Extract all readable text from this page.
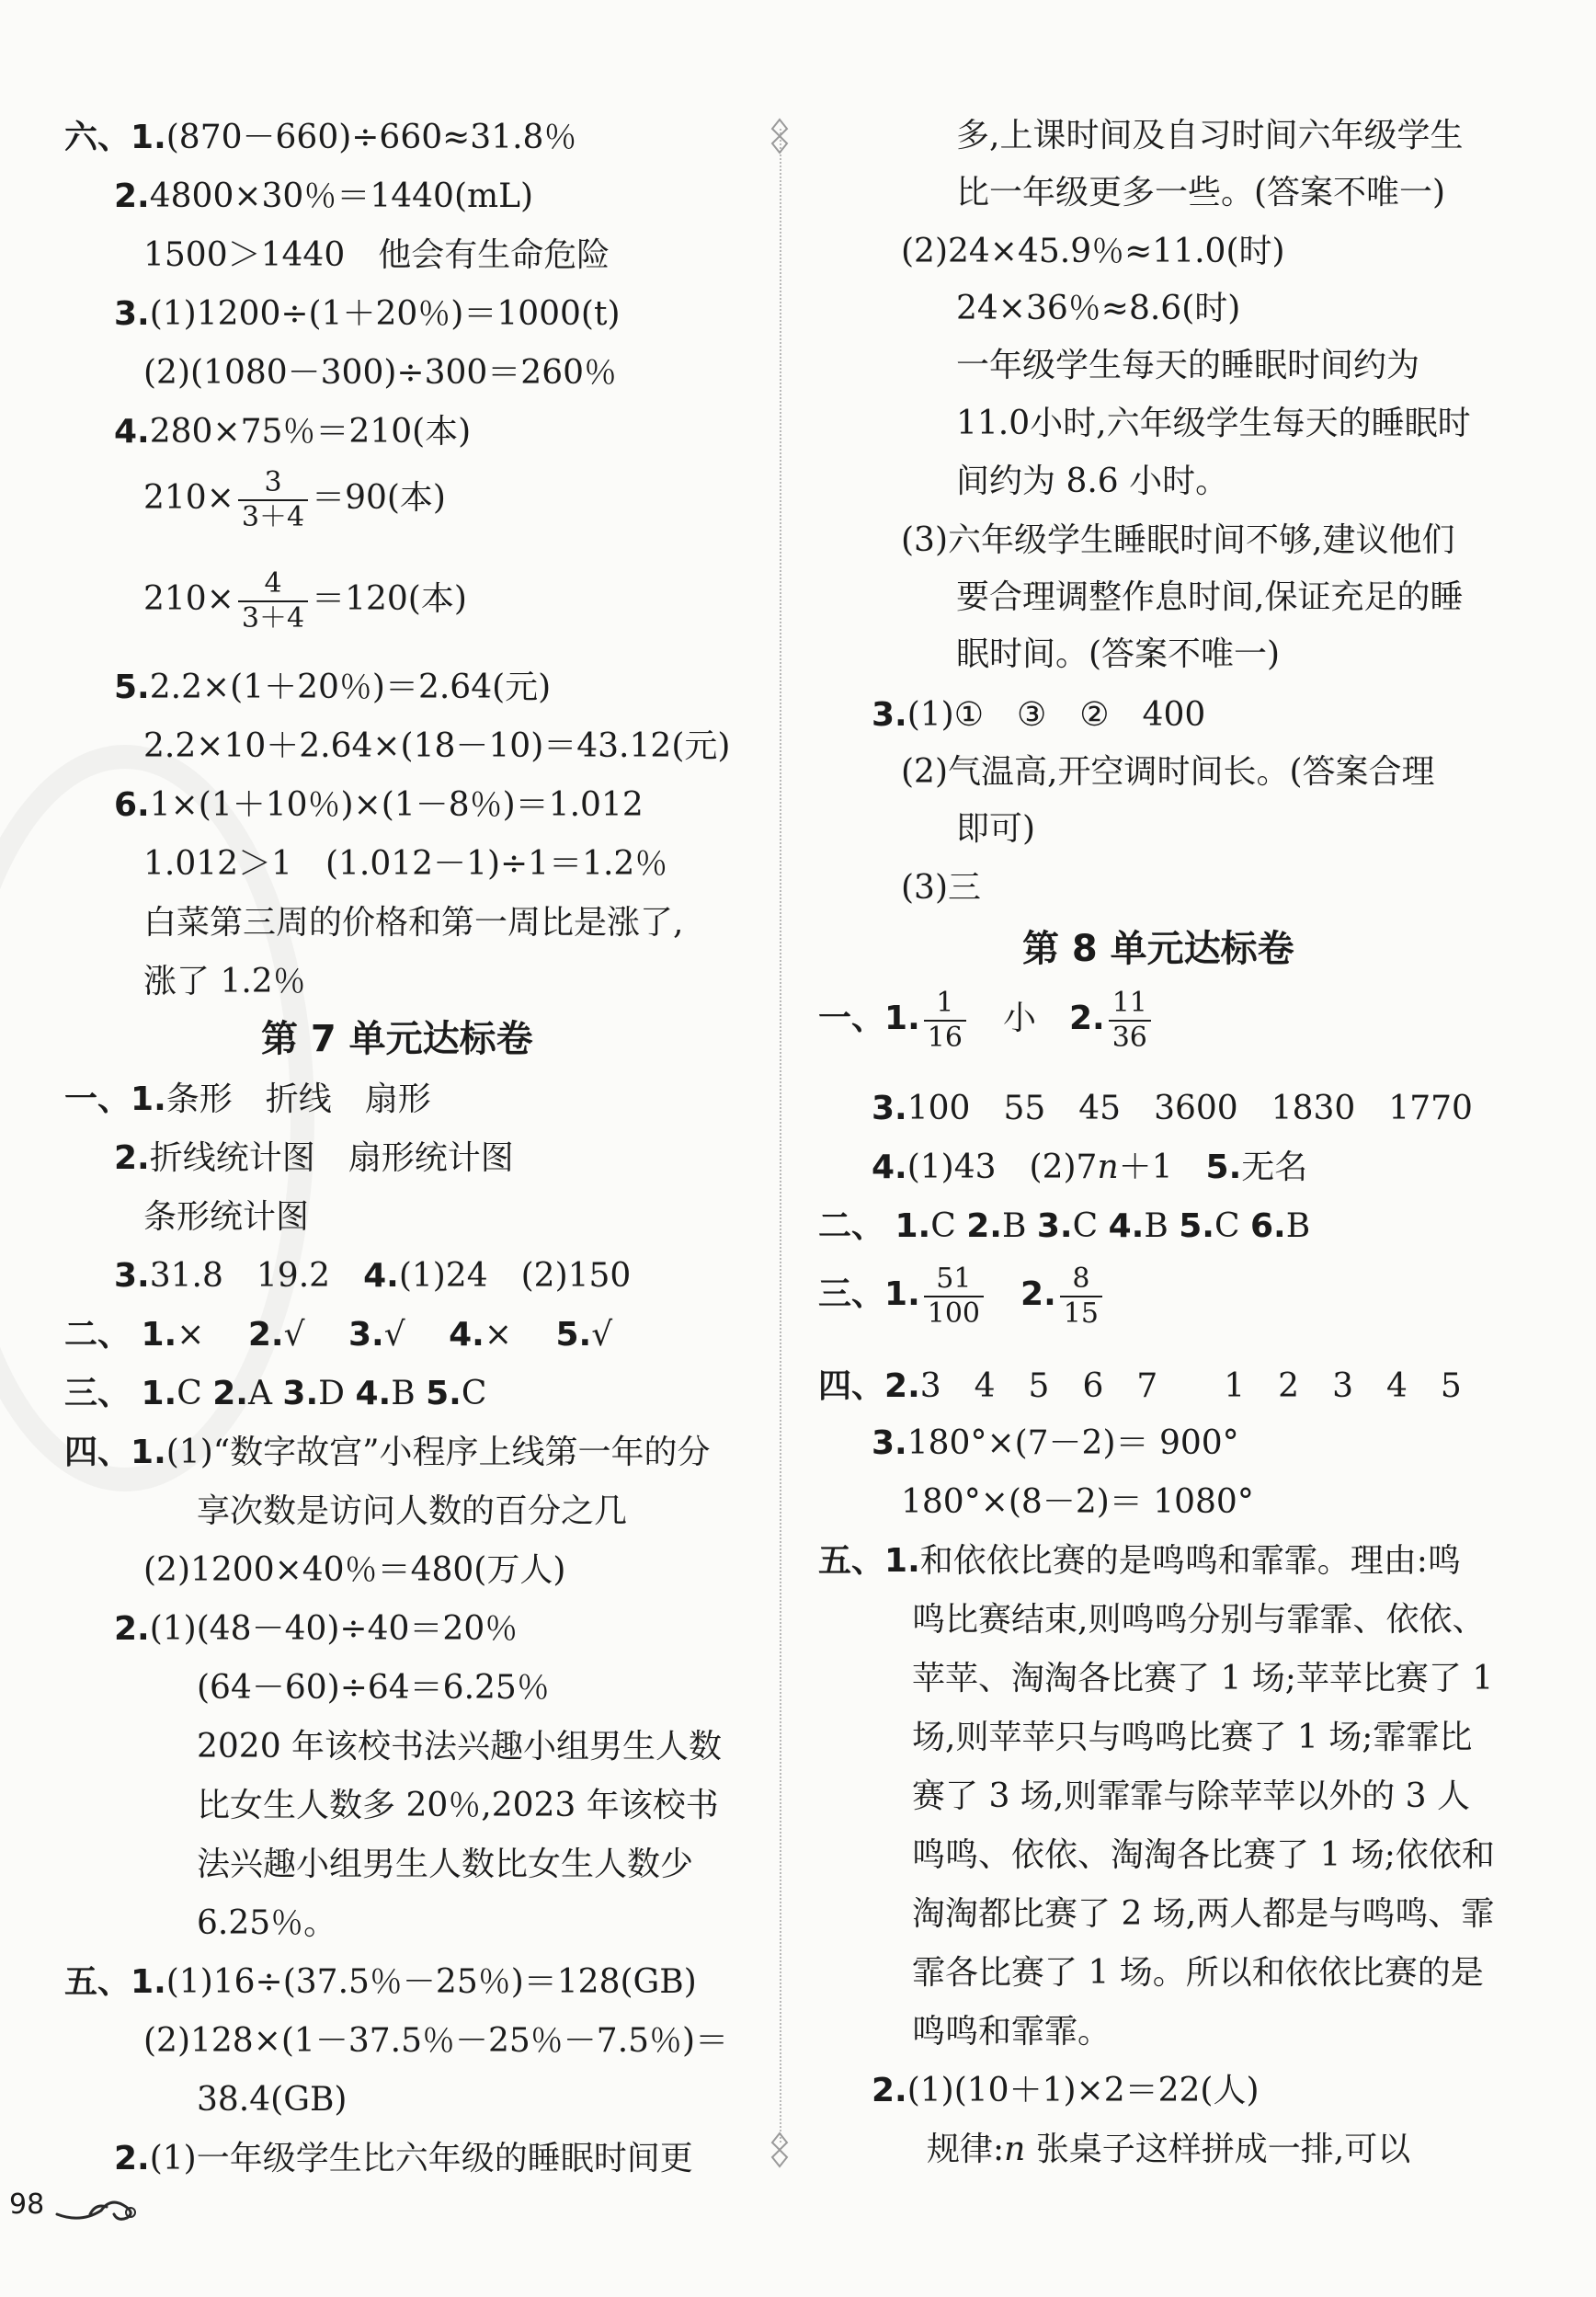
六、1.(870－660)÷660≈31.8％
2.4800×30％＝1440(mL)
1500＞1440　他会有生命危险
3.(1)1200÷(1＋20％)＝1000(t)
(2)(1080－300)÷300＝260％
4.280×75％＝210(本)
$210\times \frac{3}{3+4} =90$(本)
$210\times \frac{4}{3+4} =120$(本)
5.2.2×(1＋20％)＝2.64(元)
2.2×10＋2.64×(18－10)＝43.12(元)
6.1×(1＋10％)×(1－8％)＝1.012
1.012＞1　(1.012－1)÷1＝1.2％
白菜第三周的价格和第一周比是涨了,
涨了 1.2％
第 7 单元达标卷
一、1.条形　折线　扇形
2.折线统计图　扇形统计图
条形统计图
3.31.8　19.2　 4.(1)24　(2)150
二、 1.×　 2.√　 3.√　 4.×　 5.√
三、 1.C 2.A 3.D 4.B 5.C
四、1.(1)“数字故宫”小程序上线第一年的分
享次数是访问人数的百分之几
(2)1200×40％＝480(万人)
2.(1)(48－40)÷40＝20％
(64－60)÷64＝6.25％
2020 年该校书法兴趣小组男生人数
比女生人数多 20％,2023 年该校书
法兴趣小组男生人数比女生人数少
6.25％。
五、1.(1)16÷(37.5％－25％)＝128(GB)
(2)128×(1－37.5％－25％－7.5％)＝
38.4(GB)
2.(1)一年级学生比六年级的睡眠时间更
多,上课时间及自习时间六年级学生
比一年级更多一些。(答案不唯一)
(2)24×45.9％≈11.0(时)
24×36％≈8.6(时)
一年级学生每天的睡眠时间约为
11.0小时,六年级学生每天的睡眠时
间约为 8.6 小时。
(3)六年级学生睡眠时间不够,建议他们
要合理调整作息时间,保证充足的睡
眠时间。(答案不唯一)
3.(1)①　③　②　400
(2)气温高,开空调时间长。(答案合理
即可)
(3)三
第 8 单元达标卷
一、1. $\frac{1}{16}$
　 小　 2. $\frac{11}{36}$
3.100　55　45　3600　1830　1770
4.(1)43　(2)7n＋1　 5.无名
二、 1.C 2.B 3.C 4.B 5.C 6.B
三、1. $\frac{51}{100}$
　 2. $\frac{8}{15}$
四、2.3　4　5　6　7　　1　2　3　4　5
3.180°×(7－2)＝ 900°
180°×(8－2)＝ 1080°
五、1.和依依比赛的是鸣鸣和霏霏。理由:鸣
鸣比赛结束,则鸣鸣分别与霏霏、依依、
苹苹、淘淘各比赛了 1 场;苹苹比赛了 1
场,则苹苹只与鸣鸣比赛了 1 场;霏霏比
赛了 3 场,则霏霏与除苹苹以外的 3 人
鸣鸣、依依、淘淘各比赛了 1 场;依依和
淘淘都比赛了 2 场,两人都是与鸣鸣、霏
霏各比赛了 1 场。所以和依依比赛的是
鸣鸣和霏霏。
2.(1)(10＋1)×2＝22(人)
规律:n 张桌子这样拼成一排,可以
98
